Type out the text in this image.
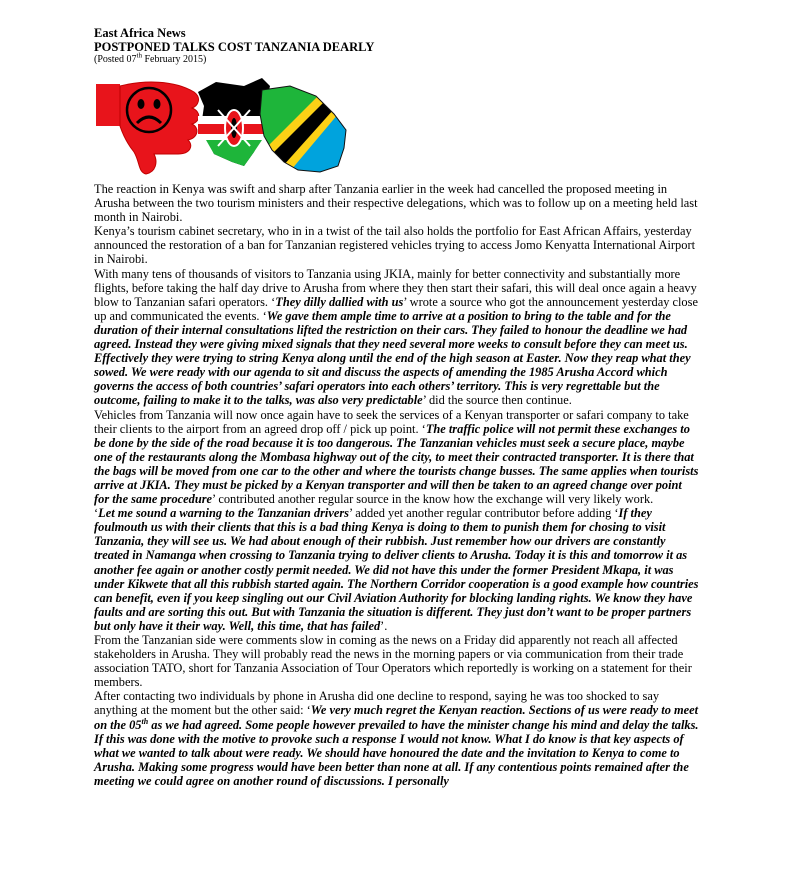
East Africa News
POSTPONED TALKS COST TANZANIA DEARLY
(Posted 07th February 2015)

The reaction in Kenya was swift and sharp after Tanzania earlier in the week had cancelled the proposed meeting in Arusha between the two tourism ministers and their respective delegations, which was to follow up on a meeting held last month in Nairobi.

Kenya’s tourism cabinet secretary, who in in a twist of the tail also holds the portfolio for East African Affairs, yesterday announced the restoration of a ban for Tanzanian registered vehicles trying to access Jomo Kenyatta International Airport in Nairobi.

With many tens of thousands of visitors to Tanzania using JKIA, mainly for better connectivity and substantially more flights, before taking the half day drive to Arusha from where they then start their safari, this will deal once again a heavy blow to Tanzanian safari operators. ‘They dilly dallied with us’ wrote a source who got the announcement yesterday close up and communicated the events. ‘We gave them ample time to arrive at a position to bring to the table and for the duration of their internal consultations lifted the restriction on their cars. They failed to honour the deadline we had agreed. Instead they were giving mixed signals that they need several more weeks to consult before they can meet us. Effectively they were trying to string Kenya along until the end of the high season at Easter. Now they reap what they sowed. We were ready with our agenda to sit and discuss the aspects of amending the 1985 Arusha Accord which governs the access of both countries’ safari operators into each others’ territory. This is very regrettable but the outcome, failing to make it to the talks, was also very predictable’ did the source then continue.

Vehicles from Tanzania will now once again have to seek the services of a Kenyan transporter or safari company to take their clients to the airport from an agreed drop off / pick up point. ‘The traffic police will not permit these exchanges to be done by the side of the road because it is too dangerous. The Tanzanian vehicles must seek a secure place, maybe one of the restaurants along the Mombasa highway out of the city, to meet their contracted transporter. It is there that the bags will be moved from one car to the other and where the tourists change busses. The same applies when tourists arrive at JKIA. They must be picked by a Kenyan transporter and will then be taken to an agreed change over point for the same procedure’ contributed another regular source in the know how the exchange will very likely work.

‘Let me sound a warning to the Tanzanian drivers’ added yet another regular contributor before adding ‘If they foulmouth us with their clients that this is a bad thing Kenya is doing to them to punish them for chosing to visit Tanzania, they will see us. We had about enough of their rubbish. Just remember how our drivers are constantly treated in Namanga when crossing to Tanzania trying to deliver clients to Arusha. Today it is this and tomorrow it as another fee again or another costly permit needed. We did not have this under the former President Mkapa, it was under Kikwete that all this rubbish started again. The Northern Corridor cooperation is a good example how countries can benefit, even if you keep singling out our Civil Aviation Authority for blocking landing rights. We know they have faults and are sorting this out. But with Tanzania the situation is different. They just don’t want to be proper partners but only have it their way. Well, this time, that has failed’.

From the Tanzanian side were comments slow in coming as the news on a Friday did apparently not reach all affected stakeholders in Arusha. They will probably read the news in the morning papers or via communication from their trade association TATO, short for Tanzania Association of Tour Operators which reportedly is working on a statement for their members.

After contacting two individuals by phone in Arusha did one decline to respond, saying he was too shocked to say anything at the moment but the other said: ‘We very much regret the Kenyan reaction. Sections of us were ready to meet on the 05th as we had agreed. Some people however prevailed to have the minister change his mind and delay the talks. If this was done with the motive to provoke such a response I would not know. What I do know is that key aspects of what we wanted to talk about were ready. We should have honoured the date and the invitation to Kenya to come to Arusha. Making some progress would have been better than none at all. If any contentious points remained after the meeting we could agree on another round of discussions. I personally
